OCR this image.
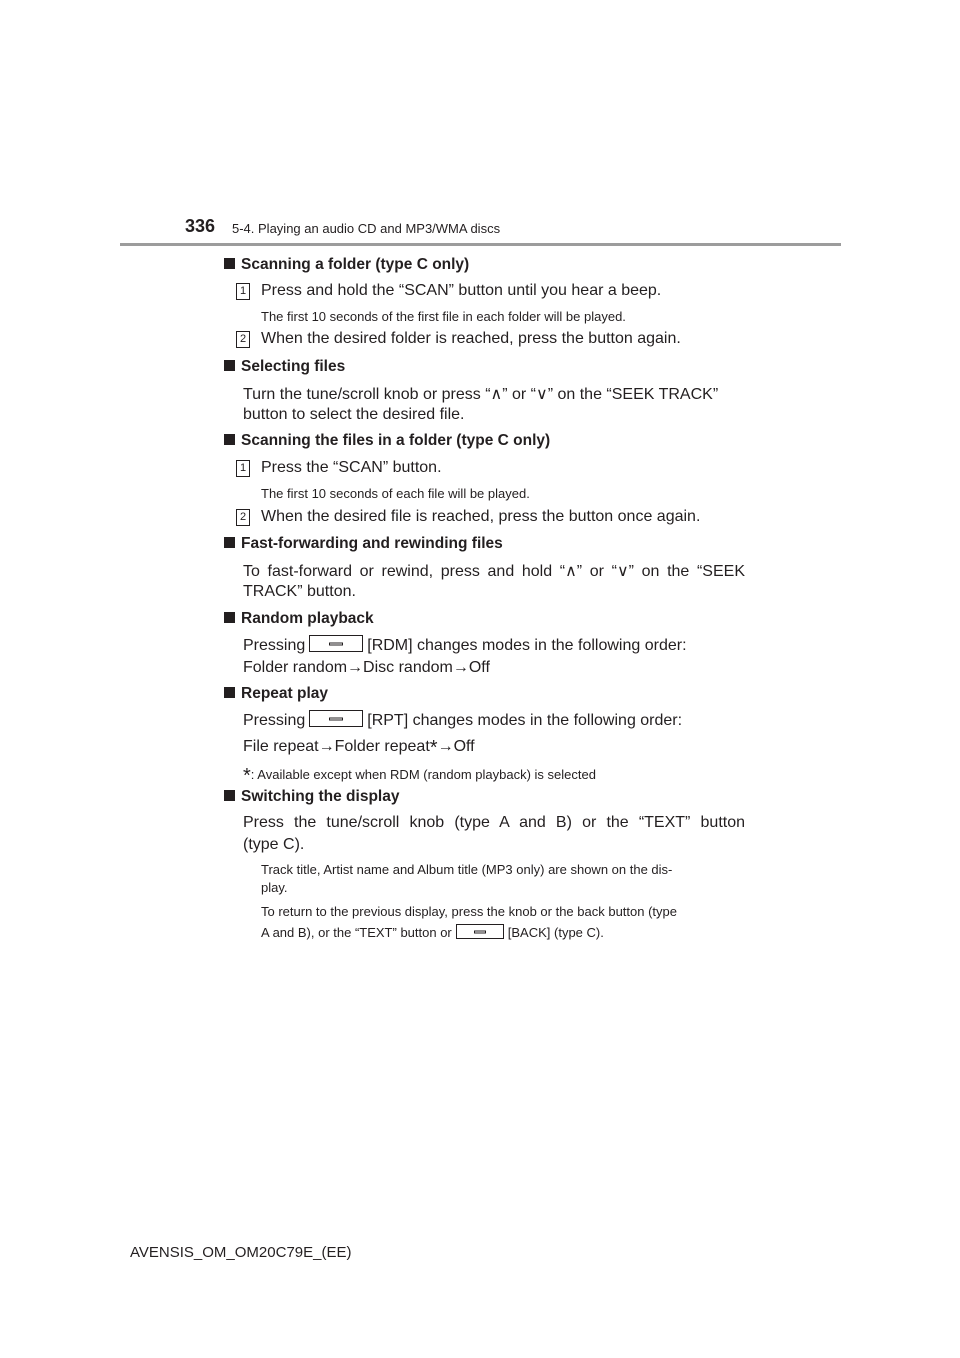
336 5-4. Playing an audio CD and MP3/WMA discs
Scanning a folder (type C only)
1 Press and hold the “SCAN” button until you hear a beep.
The first 10 seconds of the first file in each folder will be played.
2 When the desired folder is reached, press the button again.
Selecting files
Turn the tune/scroll knob or press “∧” or “∨” on the “SEEK TRACK”
button to select the desired file.
Scanning the files in a folder (type C only)
1 Press the “SCAN” button.
The first 10 seconds of each file will be played.
2 When the desired file is reached, press the button once again.
Fast-forwarding and rewinding files
To fast-forward or rewind, press and hold “∧” or “∨” on the “SEEK
TRACK” button.
Random playback
Pressing	[RDM] changes modes in the following order:
Folder random→Disc random→Off
Repeat play
Pressing	[RPT] changes modes in the following order:
File repeat→Folder repeat*→Off
*: Available except when RDM (random playback) is selected
Switching the display
Press the tune/scroll knob (type A and B) or the “TEXT” button
(type C).
Track title, Artist name and Album title (MP3 only) are shown on the dis-
play.
To return to the previous display, press the knob or the back button (type
A and B), or the “TEXT” button or	[BACK] (type C).
AVENSIS_OM_OM20C79E_(EE)
